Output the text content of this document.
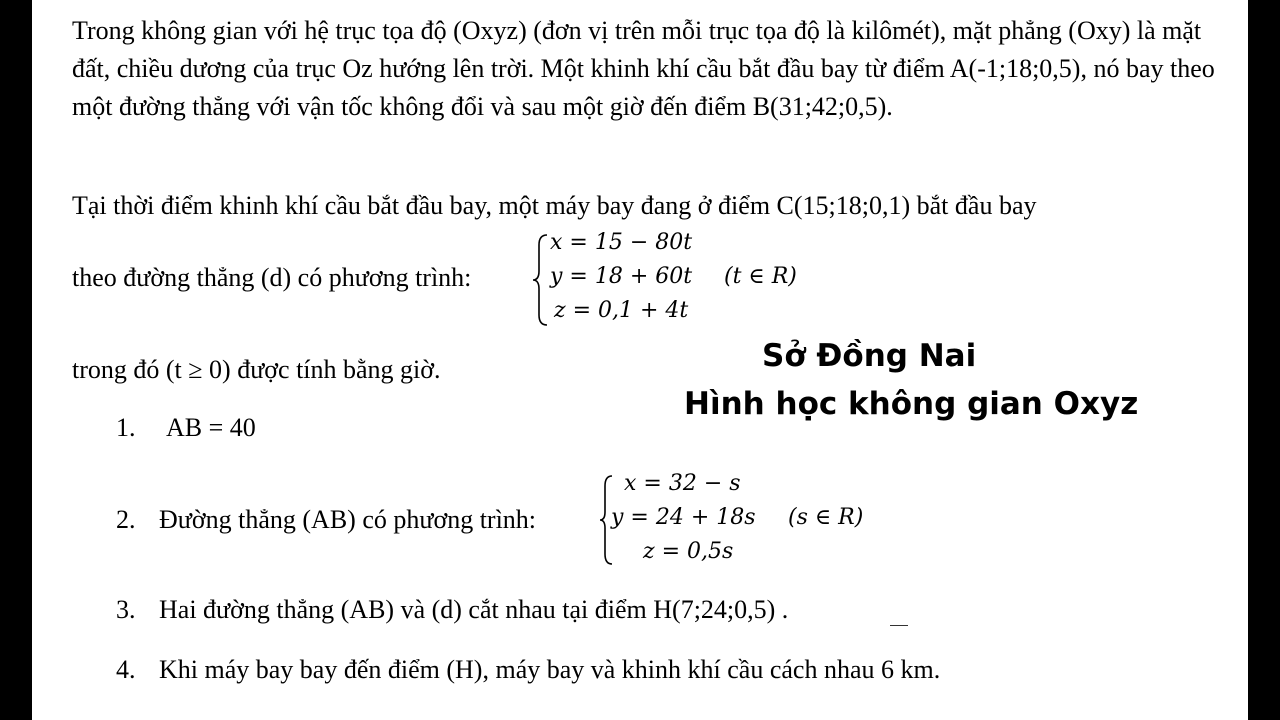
Trong không gian với hệ trục tọa độ (Oxyz) (đơn vị trên mỗi trục tọa độ là kilômét), mặt phẳng (Oxy) là mặt đất, chiều dương của trục Oz hướng lên trời. Một khinh khí cầu bắt đầu bay từ điểm A(-1;18;0,5), nó bay theo một đường thẳng với vận tốc không đổi và sau một giờ đến điểm B(31;42;0,5).

Tại thời điểm khinh khí cầu bắt đầu bay, một máy bay đang ở điểm C(15;18;0,1) bắt đầu bay
theo đường thẳng (d) có phương trình:
x = 15 − 80t
y = 18 + 60t
z = 0,1 + 4t
(t ∈ R)
trong đó (t ≥ 0) được tính bằng giờ.	Sở Đồng Nai
Hình học không gian Oxyz
1. AB = 40
2. Đường thẳng (AB) có phương trình:
x = 32 − s
y = 24 + 18s
z = 0,5s
(s ∈ R)
3. Hai đường thẳng (AB) và (d) cắt nhau tại điểm H(7;24;0,5) .
4. Khi máy bay bay đến điểm (H), máy bay và khinh khí cầu cách nhau 6 km.
